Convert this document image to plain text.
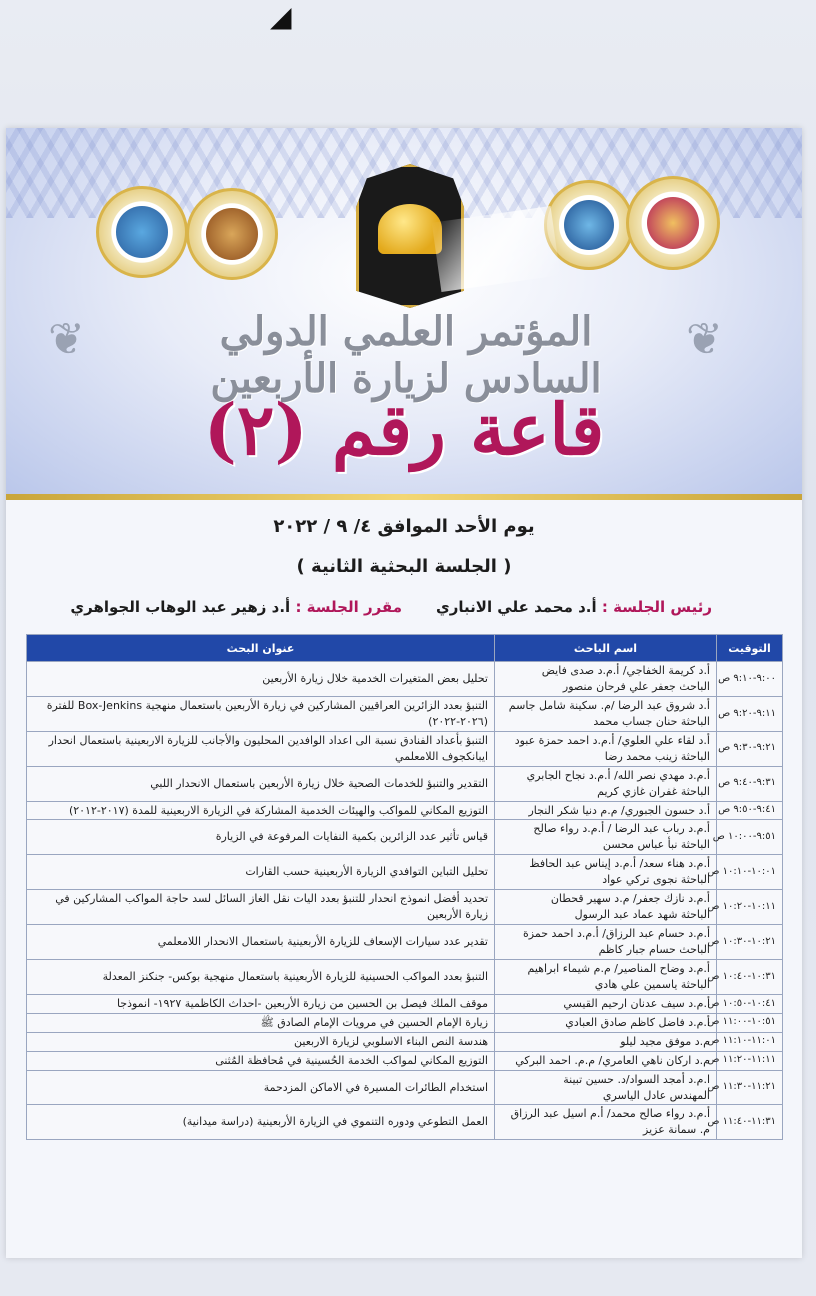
◢
❦	❦
المؤتمر العلمي الدولي السادس لزيارة الأربعين
قاعة رقم (٢)
يوم الأحد الموافق ٤/ ٩ / ٢٠٢٢
( الجلسة البحثية الثانية )
رئيس الجلسة : أ.د محمد علي الانباري
مقرر الجلسة : أ.د زهير عبد الوهاب الجواهري
التوقيت	اسم الباحث	عنوان البحث

٩:٠٠-٩:١٠ ص	أ.د كريمة الخفاجي/ أ.م.د صدى فايض
الباحث جعفر علي فرحان منصور	تحليل بعض المتغيرات الخدمية خلال زيارة الأربعين

٩:١١-٩:٢٠ ص	أ.د شروق عبد الرضا /م. سكينة شامل جاسم
الباحثة حنان جساب محمد	التنبؤ بعدد الزائرين العراقيين المشاركين في زيارة الأربعين باستعمال منهجية Box-Jenkins للفترة (٢٠٢٦-٢٠٢٢)

٩:٢١-٩:٣٠ ص	أ.د لقاء علي العلوي/ أ.م.د احمد حمزة عبود
الباحثة زينب محمد رضا	التنبؤ بأعداد الفنادق نسبة الى اعداد الوافدين المحليون والأجانب للزيارة الاربعينية باستعمال انحدار ايبانكجوف اللامعلمي

٩:٣١-٩:٤٠ ص	أ.م.د مهدي نصر الله/ أ.م.د نجاح الجابري
الباحثة غفران غازي كريم	التقدير والتنبؤ للخدمات الصحية خلال زيارة الأربعين باستعمال الانحدار اللبي

٩:٤١-٩:٥٠ ص	أ.د حسون الجبوري/ م.م دنيا شكر النجار	التوزيع المكاني للمواكب والهيئات الخدمية المشاركة في الزيارة الاربعينية للمدة (٢٠١٧-٢٠١٢)

٩:٥١-١٠:٠٠ ص	أ.م.د رباب عبد الرضا / أ.م.د رواء صالح
الباحثة نبأ عباس محسن	قياس تأثير عدد الزائرين بكمية النفايات المرفوعة في الزيارة

١٠:٠١-١٠:١٠ ص	أ.م.د هناء سعد/ أ.م.د إيناس عبد الحافظ
الباحثة نجوى تركي عواد	تحليل التباين التوافدي الزيارة الأربعينية حسب القارات

١٠:١١-١٠:٢٠ ص	أ.م.د نازك جعفر/ م.د سهير قحطان
الباحثة شهد عماد عبد الرسول	تحديد أفضل انموذج انحدار للتنبؤ بعدد اليات نقل الغاز السائل لسد حاجة المواكب المشاركين في زيارة الأربعين

١٠:٢١-١٠:٣٠ ص	أ.م.د حسام عبد الرزاق/ أ.م.د احمد حمزة
الباحث حسام جبار كاظم	تقدير عدد سيارات الإسعاف للزيارة الأربعينية باستعمال الانحدار اللامعلمي

١٠:٣١-١٠:٤٠ ص	أ.م.د وضاح المناصير/ م.م شيماء ابراهيم
الباحثة ياسمين علي هادي	التنبؤ بعدد المواكب الحسينية للزيارة الأربعينية باستعمال منهجية بوكس- جنكنز المعدلة

١٠:٤١-١٠:٥٠ ص	أ.م.د سيف عدنان ارحيم القيسي	موقف الملك فيصل بن الحسين من زيارة الأربعين -احداث الكاظمية ١٩٢٧- انموذجا

١٠:٥١-١١:٠٠ ص	أ.م.د فاضل كاظم صادق العبادي	زيارة الإمام الحسين في مرويات الإمام الصادق ﷺ

١١:٠١-١١:١٠ ص	م.د موفق مجيد ليلو	هندسة النص البناء الاسلوبي لزيارة الاربعين

١١:١١-١١:٢٠ ص	م.د اركان ناهي العامري/ م.م. احمد البركي	التوزيع المكاني لمواكب الخدمة الحُسينية في مُحافظة المُثنى

١١:٢١-١١:٣٠ ص	ا.م.د أمجد السواد/د. حسين تبينة
المهندس عادل الياسري	استخدام الطائرات المسيرة في الاماكن المزدحمة

١١:٣١-١١:٤٠ ص	أ.م.د رواء صالح محمد/ أ.م اسيل عبد الرزاق
م. سمانة عزيز	العمل التطوعي ودوره التنموي في الزيارة الأربعينية (دراسة ميدانية)
